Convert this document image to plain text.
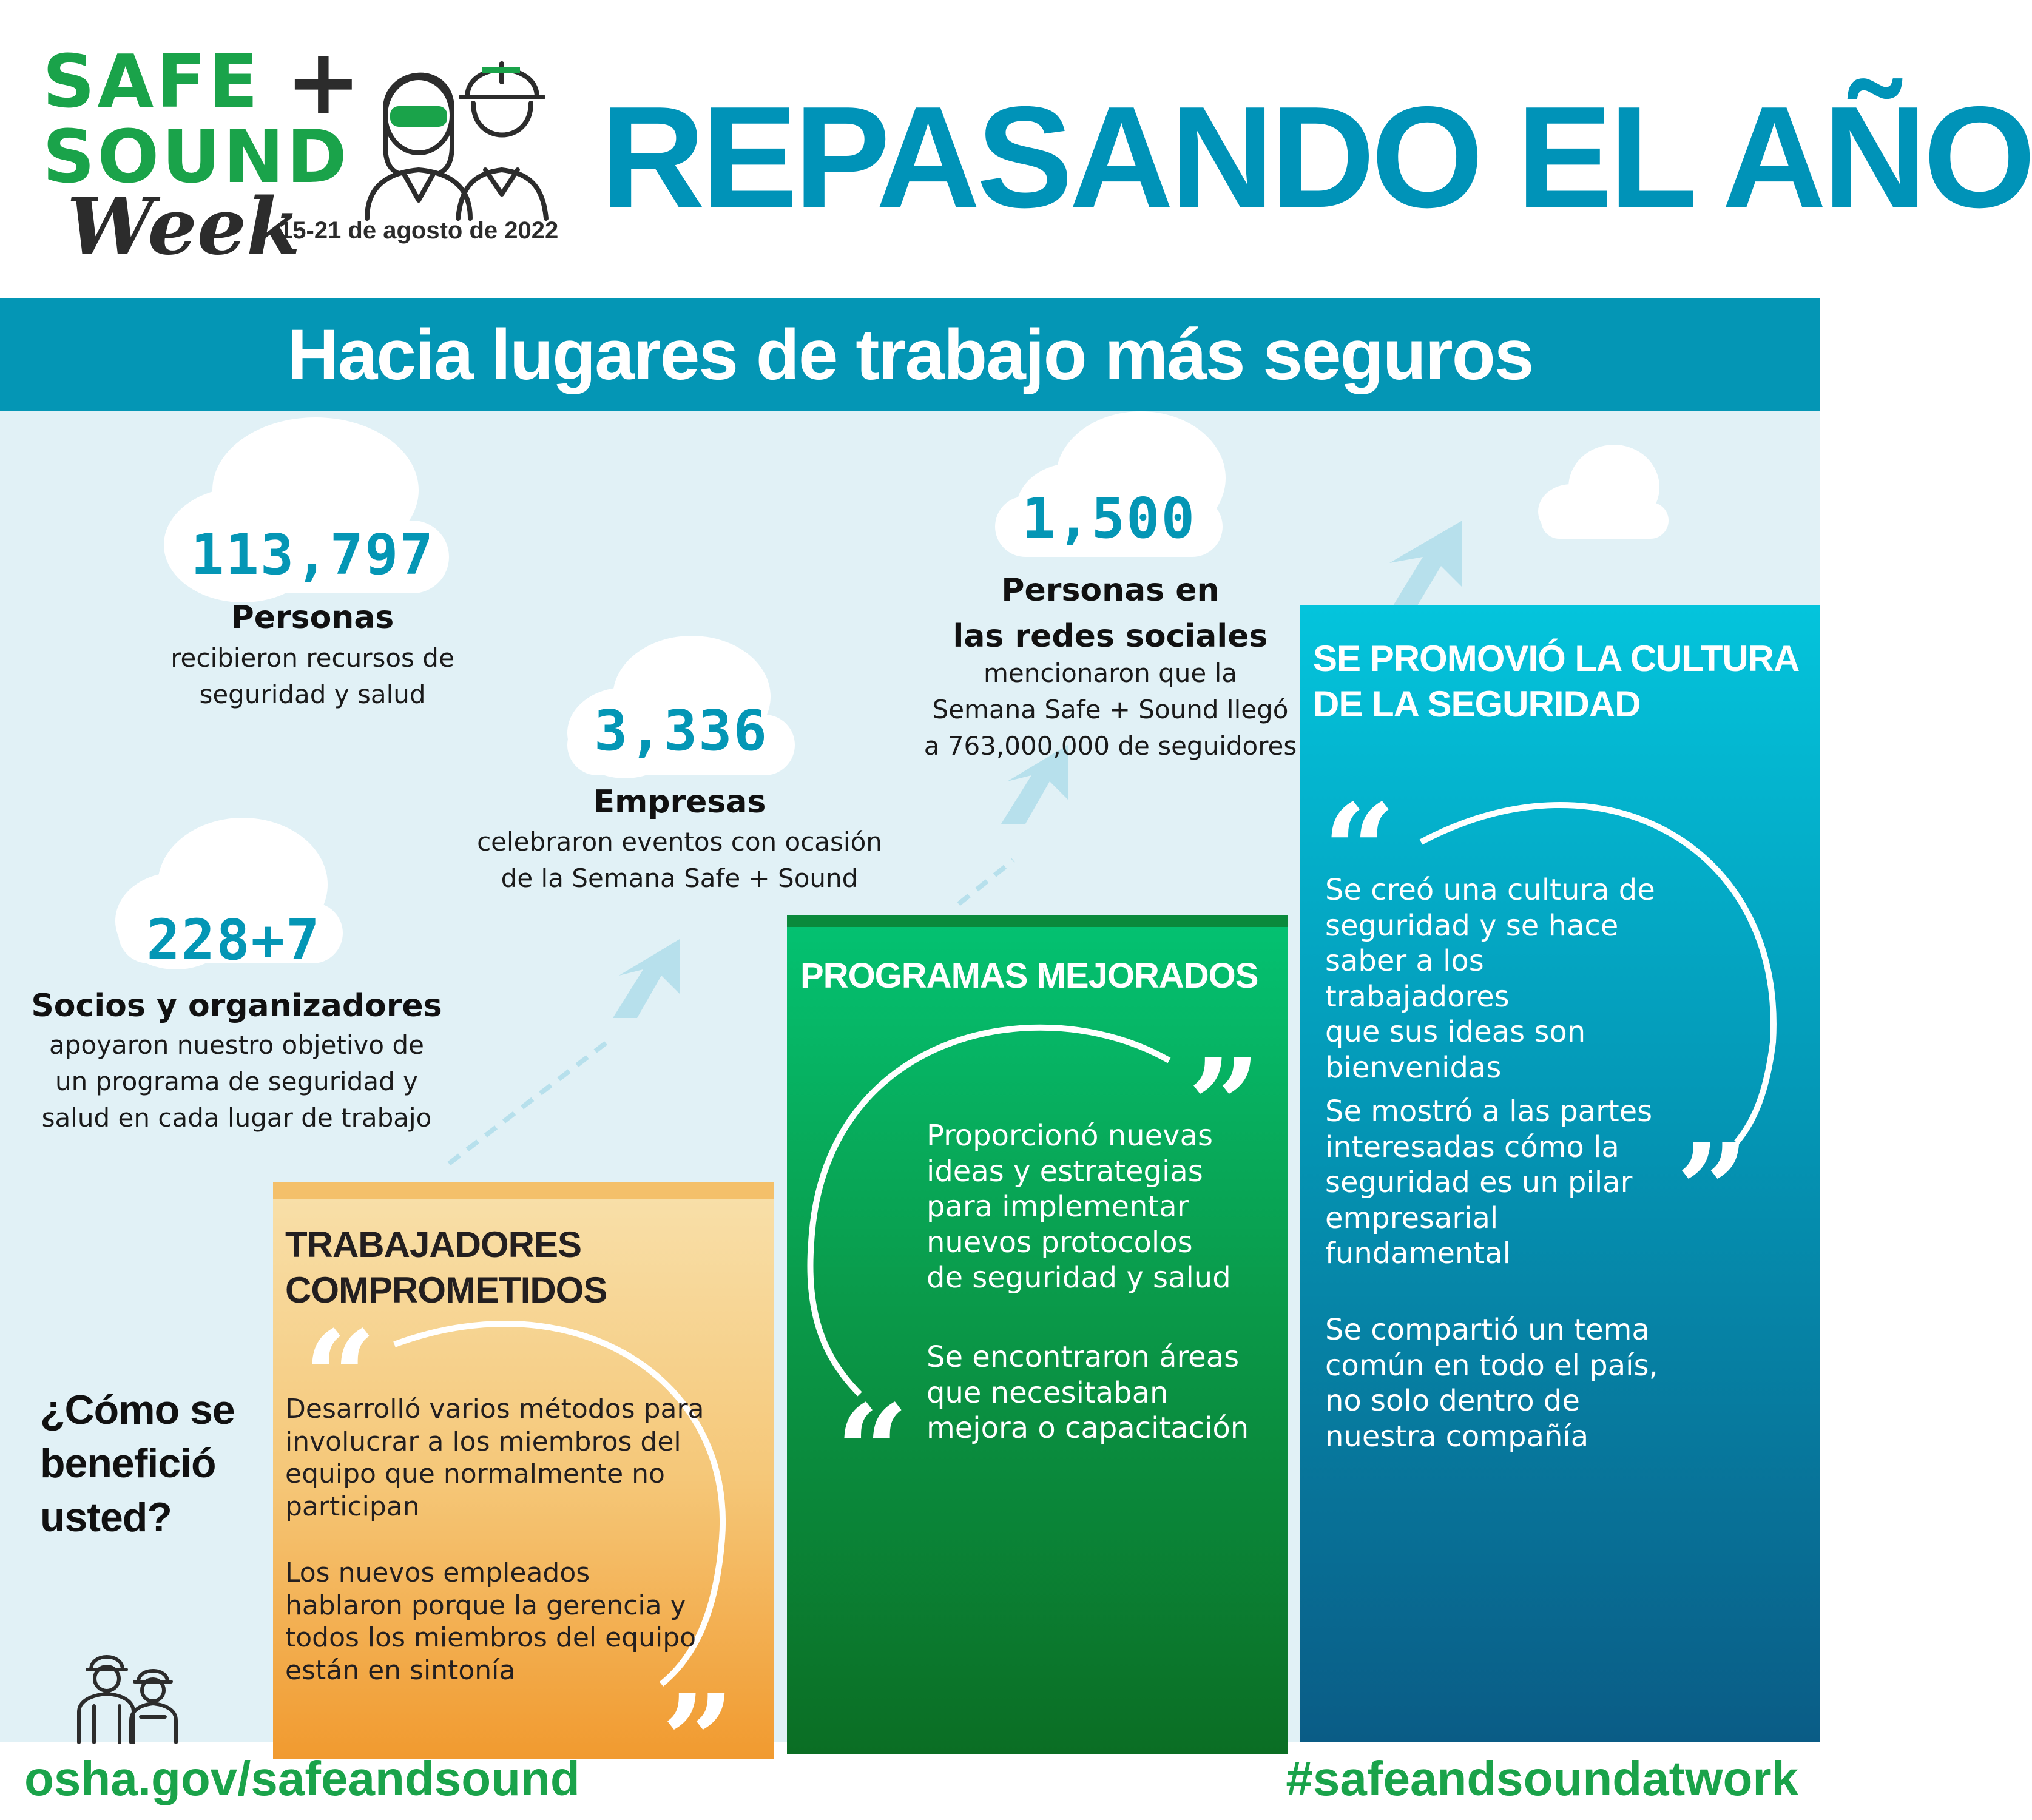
SAFE +
SOUND
Week
15-21 de agosto de 2022 REPASANDO EL AÑO
Hacia lugares de trabajo más seguros
113,797
Personas
recibieron recursos de
seguridad y salud
228+7
Socios y organizadores
apoyaron nuestro objetivo de
un programa de seguridad y
salud en cada lugar de trabajo
3,336
Empresas
celebraron eventos con ocasión
de la Semana Safe + Sound
1,500
Personas en
las redes sociales
mencionaron que la
Semana Safe + Sound llegó
a 763,000,000 de seguidores
TRABAJADORES
COMPROMETIDOS
“
Desarrolló varios métodos para
involucrar a los miembros del
equipo que normalmente no
participan
Los nuevos empleados
hablaron porque la gerencia y
todos los miembros del equipo
están en sintonía	”
PROGRAMAS MEJORADOS
”
Proporcionó nuevas
ideas y estrategias
para implementar
nuevos protocolos
de seguridad y salud
Se encontraron áreas
que necesitaban
mejora o capacitación
“
SE PROMOVIÓ LA CULTURA
DE LA SEGURIDAD
“
Se creó una cultura de
seguridad y se hace
saber a los trabajadores
que sus ideas son
bienvenidas
Se mostró a las partes
interesadas cómo la
seguridad es un pilar
empresarial
fundamental	”
Se compartió un tema
común en todo el país,
no solo dentro de
nuestra compañía
¿Cómo se
benefició
usted?
osha.gov/safeandsound	#safeandsoundatwork
